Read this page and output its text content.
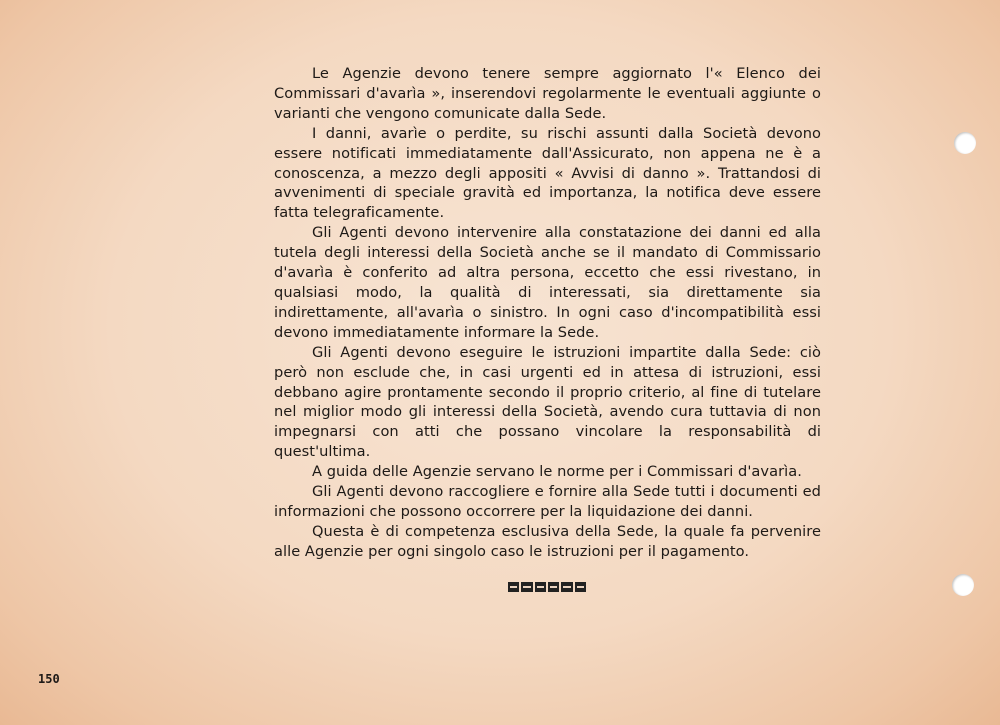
Le Agenzie devono tenere sempre aggiornato l'« Elenco dei Commissari d'avarìa », inserendovi regolarmente le eventuali aggiunte o varianti che vengono comunicate dalla Sede.

I danni, avarìe o perdite, su rischi assunti dalla Società devono essere notificati immediatamente dall'Assicurato, non appena ne è a conoscenza, a mezzo degli appositi « Avvisi di danno ». Trattandosi di avvenimenti di speciale gravità ed importanza, la notifica deve essere fatta telegraficamente.

Gli Agenti devono intervenire alla constatazione dei danni ed alla tutela degli interessi della Società anche se il mandato di Commissario d'avarìa è conferito ad altra persona, eccetto che essi rivestano, in qualsiasi modo, la qualità di interessati, sia direttamente sia indirettamente, all'avarìa o sinistro. In ogni caso d'incompatibilità essi devono immediatamente informare la Sede.

Gli Agenti devono eseguire le istruzioni impartite dalla Sede: ciò però non esclude che, in casi urgenti ed in attesa di istruzioni, essi debbano agire prontamente secondo il proprio criterio, al fine di tutelare nel miglior modo gli interessi della Società, avendo cura tuttavia di non impegnarsi con atti che possano vincolare la responsabilità di quest'ultima.

A guida delle Agenzie servano le norme per i Commissari d'avarìa.

Gli Agenti devono raccogliere e fornire alla Sede tutti i documenti ed informazioni che possono occorrere per la liquidazione dei danni.

Questa è di competenza esclusiva della Sede, la quale fa pervenire alle Agenzie per ogni singolo caso le istruzioni per il pagamento.

150
